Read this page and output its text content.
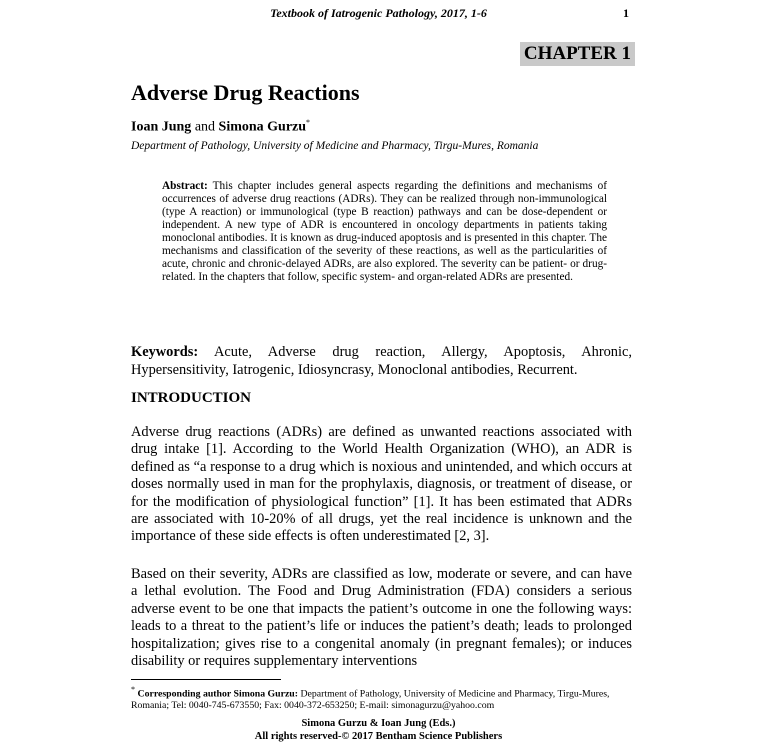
Textbook of Iatrogenic Pathology, 2017, 1-6	1
CHAPTER 1
Adverse Drug Reactions
Ioan Jung and Simona Gurzu*
Department of Pathology, University of Medicine and Pharmacy, Tirgu-Mures, Romania
Abstract: This chapter includes general aspects regarding the definitions and mechanisms of occurrences of adverse drug reactions (ADRs). They can be realized through non-immunological (type A reaction) or immunological (type B reaction) pathways and can be dose-dependent or independent. A new type of ADR is encountered in oncology departments in patients taking monoclonal antibodies. It is known as drug-induced apoptosis and is presented in this chapter. The mechanisms and classification of the severity of these reactions, as well as the particularities of acute, chronic and chronic-delayed ADRs, are also explored. The severity can be patient- or drug-related. In the chapters that follow, specific system- and organ-related ADRs are presented.
Keywords: Acute, Adverse drug reaction, Allergy, Apoptosis, Ahronic, Hypersensitivity, Iatrogenic, Idiosyncrasy, Monoclonal antibodies, Recurrent.
INTRODUCTION
Adverse drug reactions (ADRs) are defined as unwanted reactions associated with drug intake [1]. According to the World Health Organization (WHO), an ADR is defined as “a response to a drug which is noxious and unintended, and which occurs at doses normally used in man for the prophylaxis, diagnosis, or treatment of disease, or for the modification of physiological function” [1]. It has been estimated that ADRs are associated with 10-20% of all drugs, yet the real incidence is unknown and the importance of these side effects is often underestimated [2, 3].
Based on their severity, ADRs are classified as low, moderate or severe, and can have a lethal evolution. The Food and Drug Administration (FDA) considers a serious adverse event to be one that impacts the patient’s outcome in one the following ways: leads to a threat to the patient’s life or induces the patient’s death; leads to prolonged hospitalization; gives rise to a congenital anomaly (in pregnant females); or induces disability or requires supplementary interventions
* Corresponding author Simona Gurzu: Department of Pathology, University of Medicine and Pharmacy, Tirgu-Mures, Romania; Tel: 0040-745-673550; Fax: 0040-372-653250; E-mail: simonagurzu@yahoo.com
Simona Gurzu & Ioan Jung (Eds.)
All rights reserved-© 2017 Bentham Science Publishers
